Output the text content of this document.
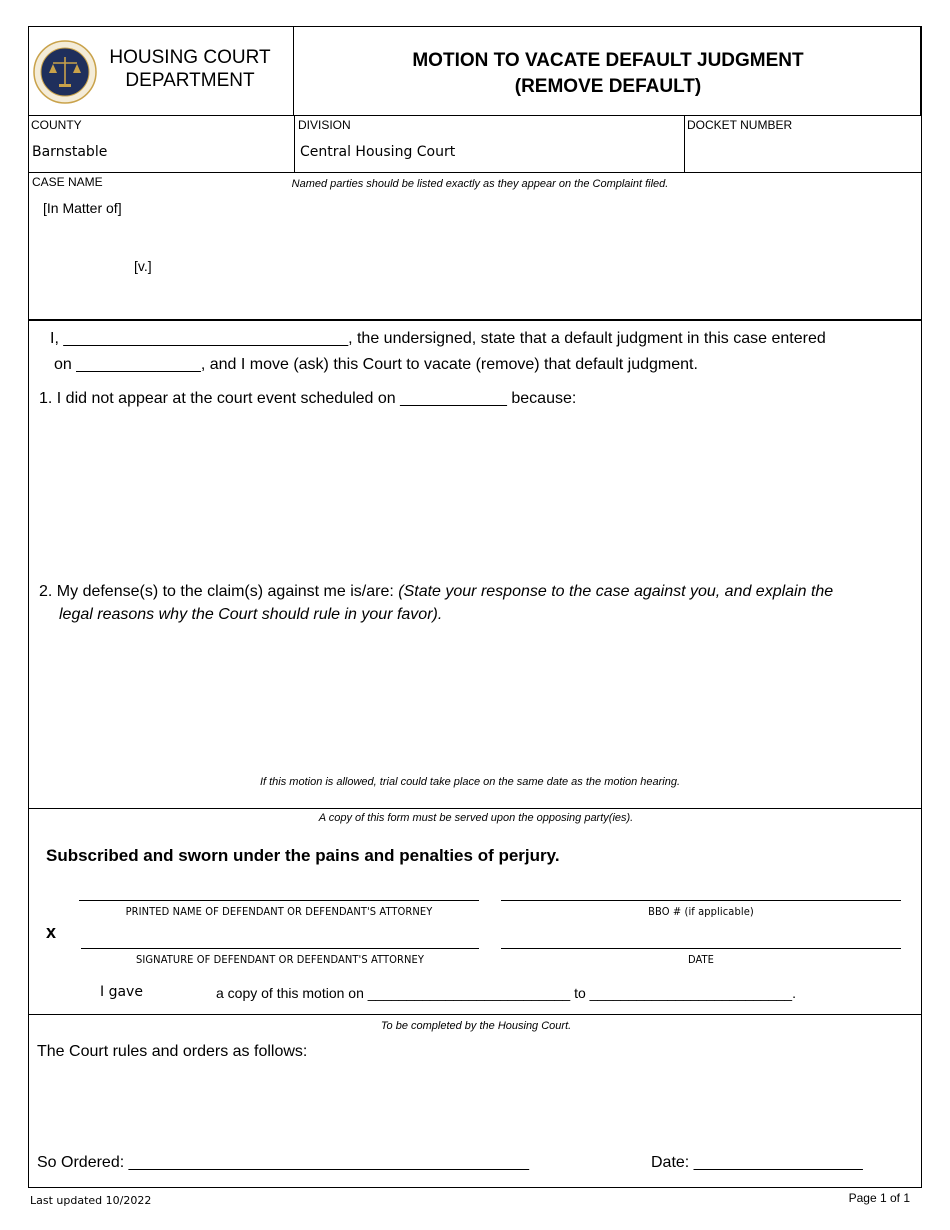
HOUSING COURT
DEPARTMENT
MOTION TO VACATE DEFAULT JUDGMENT
(REMOVE DEFAULT)
COUNTY
Barnstable
DIVISION
Central Housing Court
DOCKET NUMBER
CASE NAME	Named parties should be listed exactly as they appear on the Complaint filed.
[In Matter of]
[v.]
I, ________________________________, the undersigned, state that a default judgment in this case entered
on ______________, and I move (ask) this Court to vacate (remove) that default judgment.
1. I did not appear at the court event scheduled on ____________ because:
2. My defense(s) to the claim(s) against me is/are: (State your response to the case against you, and explain the
legal reasons why the Court should rule in your favor).
If this motion is allowed, trial could take place on the same date as the motion hearing.
A copy of this form must be served upon the opposing party(ies).
Subscribed and sworn under the pains and penalties of perjury.
PRINTED NAME OF DEFENDANT OR DEFENDANT'S ATTORNEY	BBO # (if applicable)
x
SIGNATURE OF DEFENDANT OR DEFENDANT'S ATTORNEY	DATE
I gave	a copy of this motion on __________________________ to __________________________.
To be completed by the Housing Court.
The Court rules and orders as follows:
So Ordered: _____________________________________________	Date: ___________________
Last updated 10/2022	Page 1 of 1
